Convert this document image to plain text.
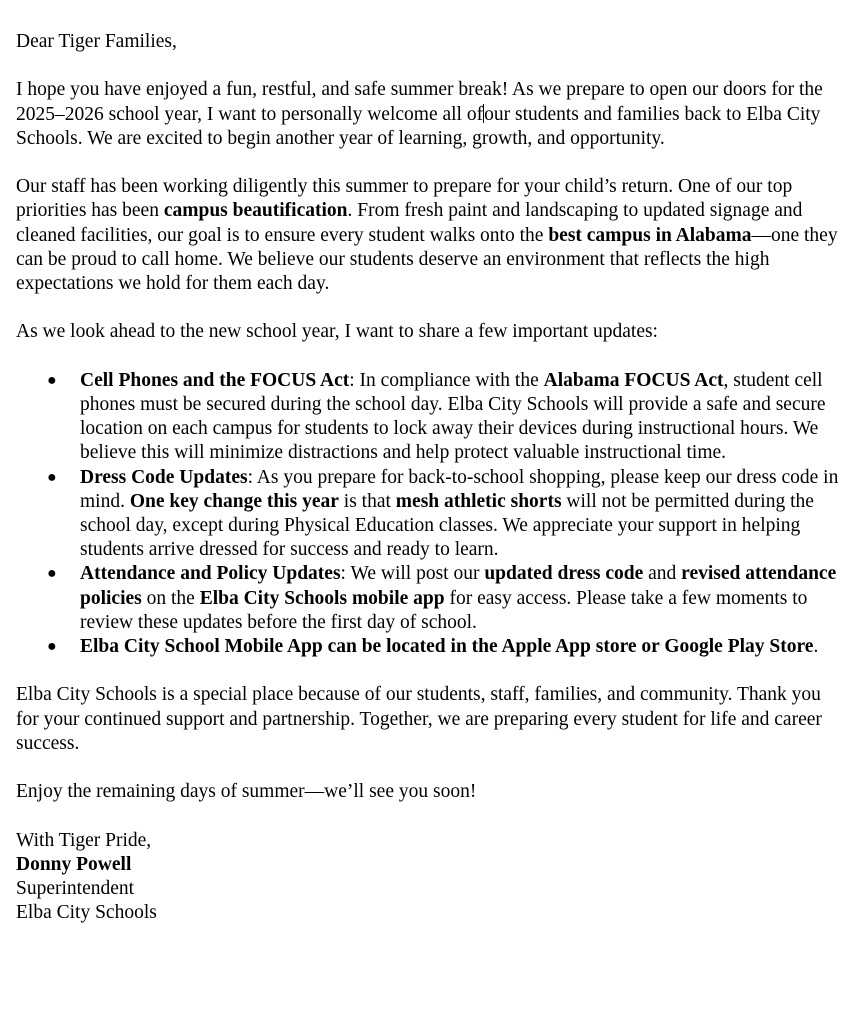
Dear Tiger Families,

I hope you have enjoyed a fun, restful, and safe summer break! As we prepare to open our doors for the 2025–2026 school year, I want to personally welcome all ofour students and families back to Elba City Schools. We are excited to begin another year of learning, growth, and opportunity.

Our staff has been working diligently this summer to prepare for your child’s return. One of our top priorities has been campus beautification. From fresh paint and landscaping to updated signage and cleaned facilities, our goal is to ensure every student walks onto the best campus in Alabama—one they can be proud to call home. We believe our students deserve an environment that reflects the high expectations we hold for them each day.

As we look ahead to the new school year, I want to share a few important updates:

● Cell Phones and the FOCUS Act: In compliance with the Alabama FOCUS Act, student cell phones must be secured during the school day. Elba City Schools will provide a safe and secure location on each campus for students to lock away their devices during instructional hours. We believe this will minimize distractions and help protect valuable instructional time.
● Dress Code Updates: As you prepare for back-to-school shopping, please keep our dress code in mind. One key change this year is that mesh athletic shorts will not be permitted during the school day, except during Physical Education classes. We appreciate your support in helping students arrive dressed for success and ready to learn.
● Attendance and Policy Updates: We will post our updated dress code and revised attendance policies on the Elba City Schools mobile app for easy access. Please take a few moments to review these updates before the first day of school.
● Elba City School Mobile App can be located in the Apple App store or Google Play Store.

Elba City Schools is a special place because of our students, staff, families, and community. Thank you for your continued support and partnership. Together, we are preparing every student for life and career success.

Enjoy the remaining days of summer—we’ll see you soon!

With Tiger Pride,

Donny Powell

Superintendent

Elba City Schools
